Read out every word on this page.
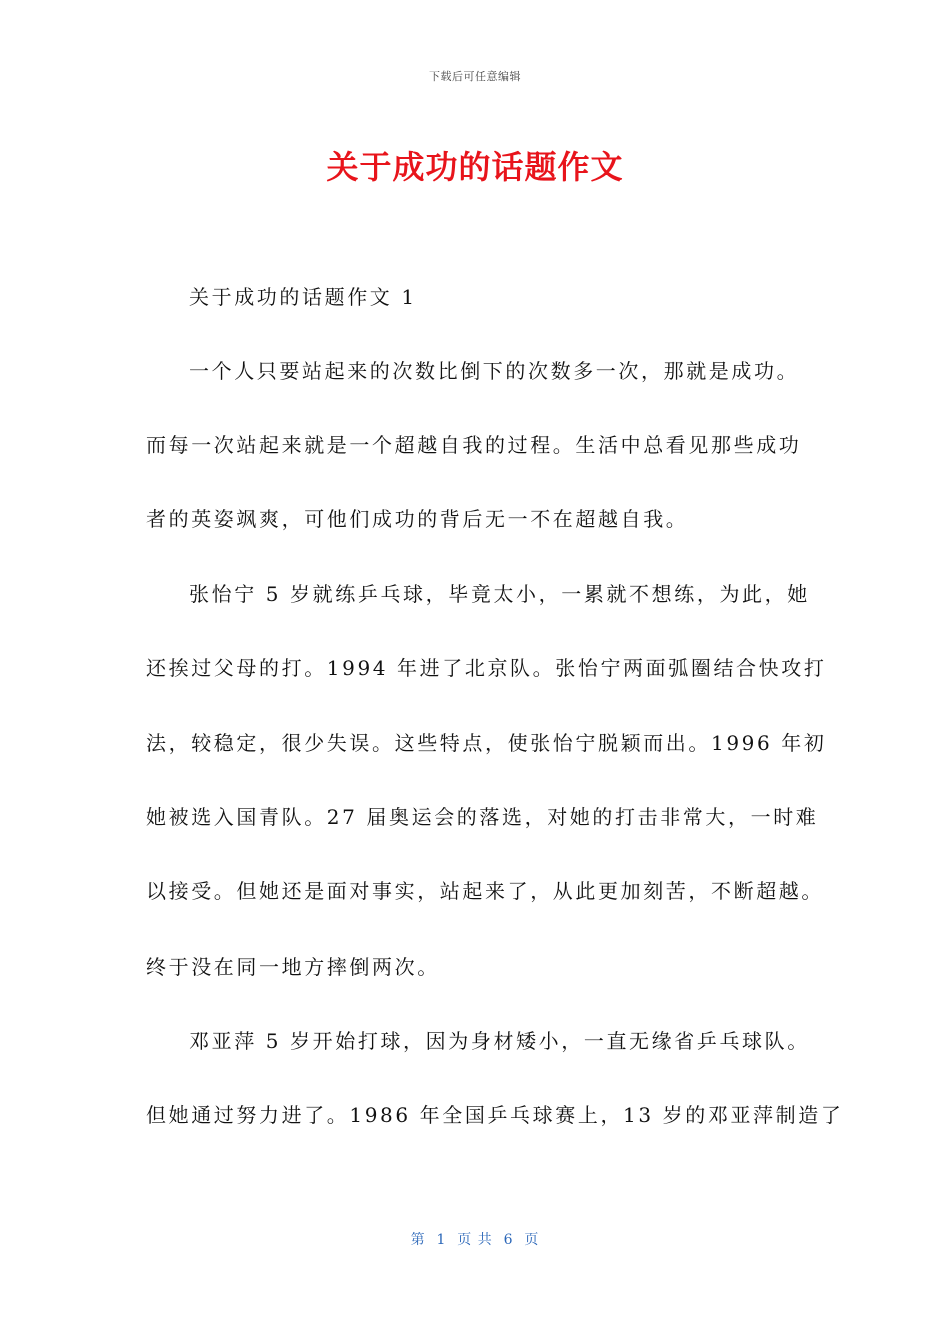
下载后可任意编辑
关于成功的话题作文
关于成功的话题作文 1
一个人只要站起来的次数比倒下的次数多一次，那就是成功。
而每一次站起来就是一个超越自我的过程。生活中总看见那些成功
者的英姿飒爽，可他们成功的背后无一不在超越自我。
张怡宁 5 岁就练乒乓球，毕竟太小，一累就不想练，为此，她
还挨过父母的打。1994 年进了北京队。张怡宁两面弧圈结合快攻打
法，较稳定，很少失误。这些特点，使张怡宁脱颖而出。1996 年初
她被选入国青队。27 届奥运会的落选，对她的打击非常大，一时难
以接受。但她还是面对事实，站起来了，从此更加刻苦，不断超越。
终于没在同一地方摔倒两次。
邓亚萍 5 岁开始打球，因为身材矮小，一直无缘省乒乓球队。
但她通过努力进了。1986 年全国乒乓球赛上，13 岁的邓亚萍制造了
第  1  页 共  6  页
